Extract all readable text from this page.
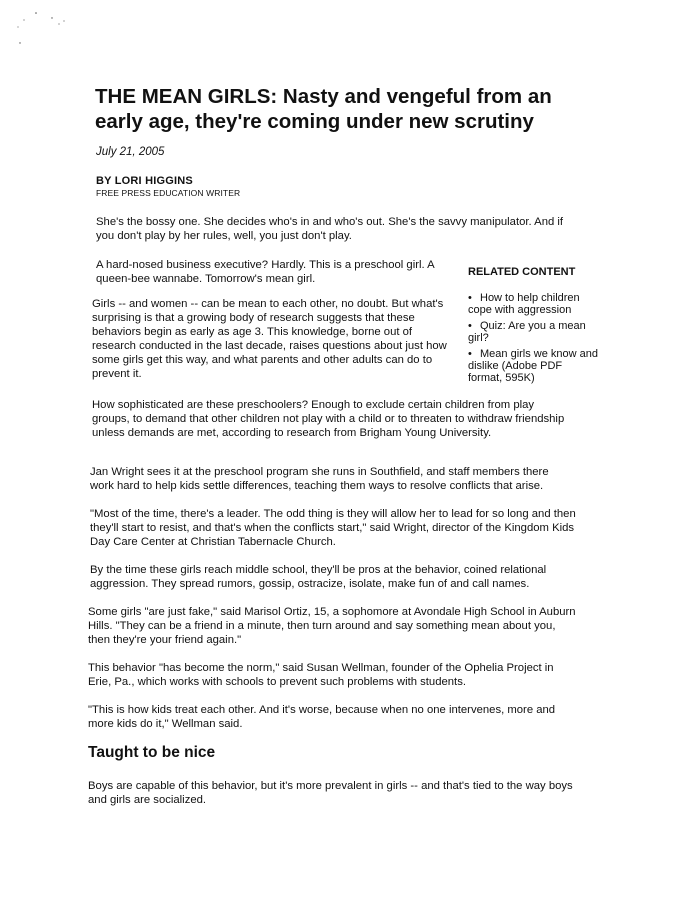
THE MEAN GIRLS: Nasty and vengeful from an early age, they're coming under new scrutiny

July 21, 2005

BY LORI HIGGINS

FREE PRESS EDUCATION WRITER

She's the bossy one. She decides who's in and who's out. She's the savvy manipulator. And if you don't play by her rules, well, you just don't play.

A hard-nosed business executive? Hardly. This is a preschool girl. A queen-bee wannabe. Tomorrow's mean girl.

Girls -- and women -- can be mean to each other, no doubt. But what's surprising is that a growing body of research suggests that these behaviors begin as early as age 3. This knowledge, borne out of research conducted in the last decade, raises questions about just how some girls get this way, and what parents and other adults can do to prevent it.

RELATED CONTENT
• How to help children cope with aggression
• Quiz: Are you a mean girl?
• Mean girls we know and dislike (Adobe PDF format, 595K)

How sophisticated are these preschoolers? Enough to exclude certain children from play groups, to demand that other children not play with a child or to threaten to withdraw friendship unless demands are met, according to research from Brigham Young University.

Jan Wright sees it at the preschool program she runs in Southfield, and staff members there work hard to help kids settle differences, teaching them ways to resolve conflicts that arise.

"Most of the time, there's a leader. The odd thing is they will allow her to lead for so long and then they'll start to resist, and that's when the conflicts start," said Wright, director of the Kingdom Kids Day Care Center at Christian Tabernacle Church.

By the time these girls reach middle school, they'll be pros at the behavior, coined relational aggression. They spread rumors, gossip, ostracize, isolate, make fun of and call names.

Some girls "are just fake," said Marisol Ortiz, 15, a sophomore at Avondale High School in Auburn Hills. "They can be a friend in a minute, then turn around and say something mean about you, then they're your friend again."

This behavior "has become the norm," said Susan Wellman, founder of the Ophelia Project in Erie, Pa., which works with schools to prevent such problems with students.

"This is how kids treat each other. And it's worse, because when no one intervenes, more and more kids do it," Wellman said.

Taught to be nice

Boys are capable of this behavior, but it's more prevalent in girls -- and that's tied to the way boys and girls are socialized.
